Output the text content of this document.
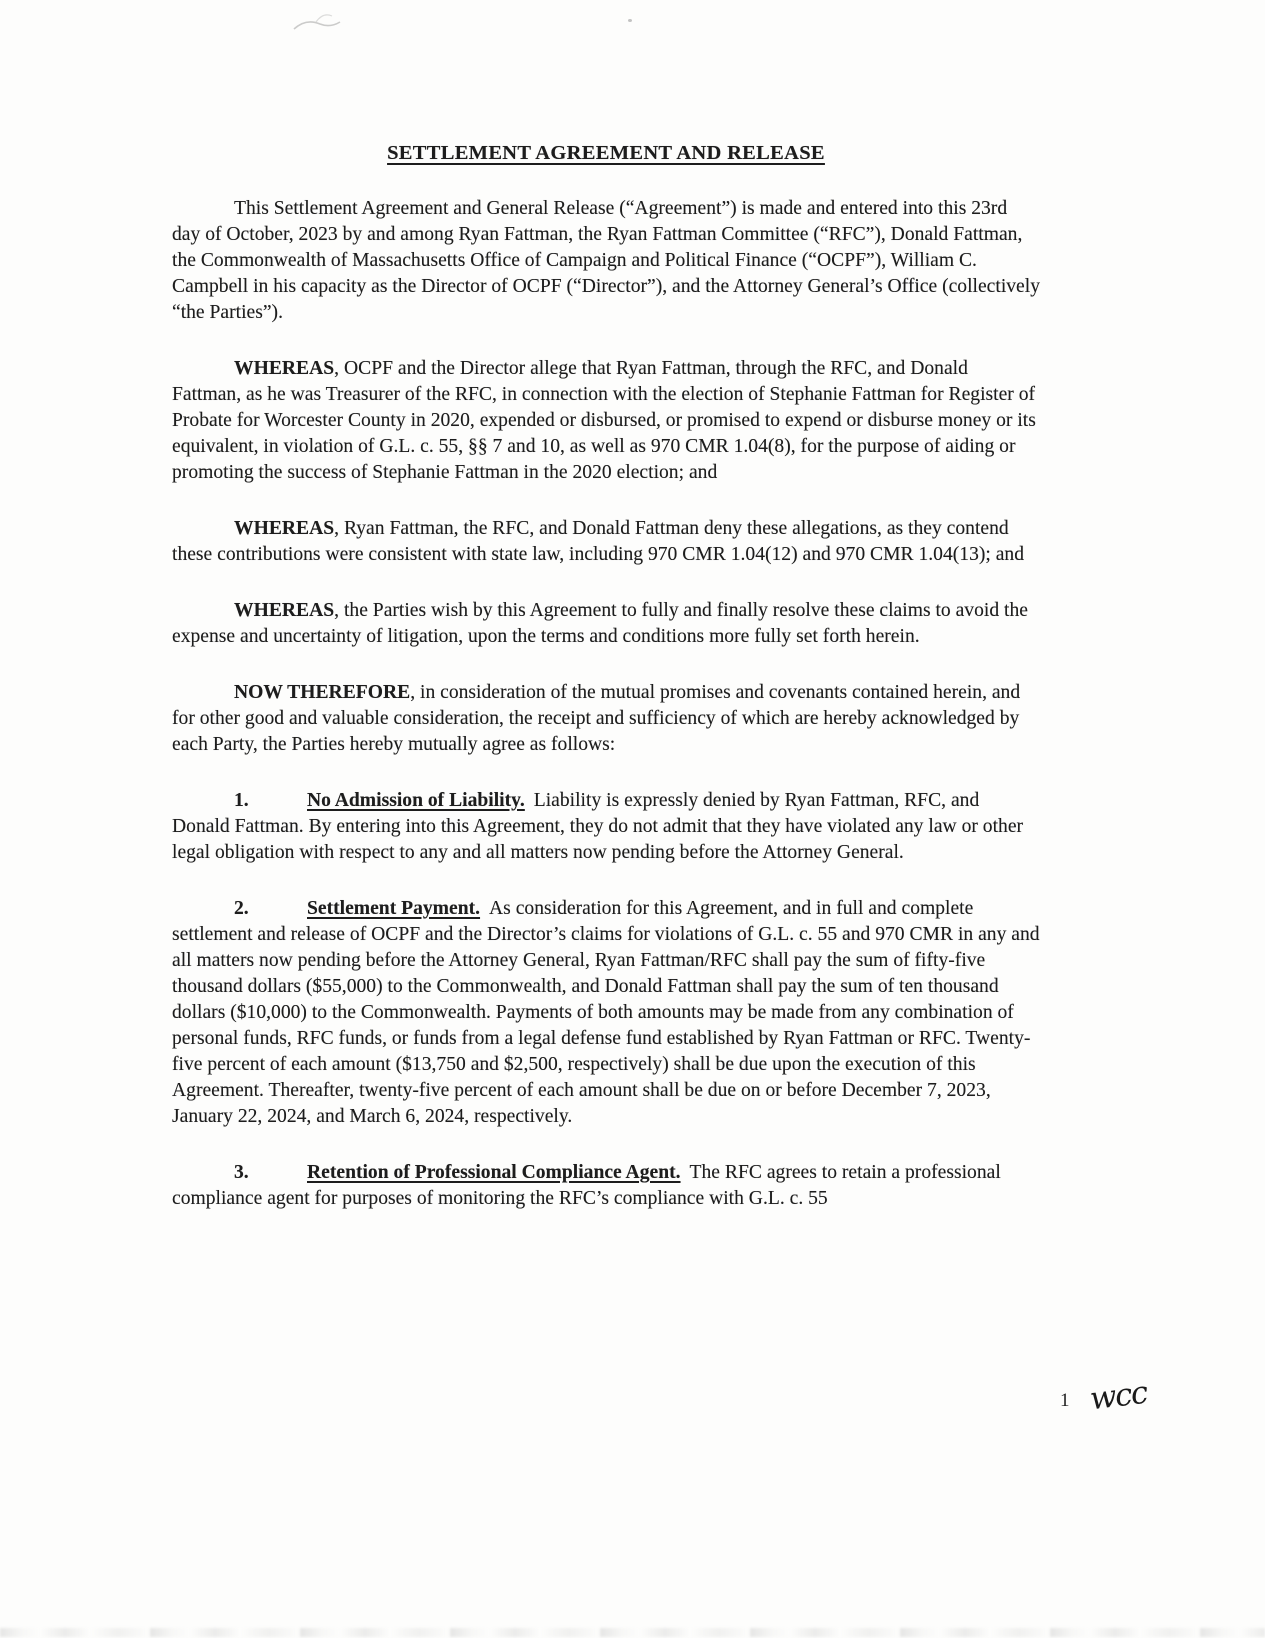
SETTLEMENT AGREEMENT AND RELEASE

This Settlement Agreement and General Release (“Agreement”) is made and entered into this 23rd day of October, 2023 by and among Ryan Fattman, the Ryan Fattman Committee (“RFC”), Donald Fattman, the Commonwealth of Massachusetts Office of Campaign and Political Finance (“OCPF”), William C. Campbell in his capacity as the Director of OCPF (“Director”), and the Attorney General’s Office (collectively “the Parties”).

WHEREAS, OCPF and the Director allege that Ryan Fattman, through the RFC, and Donald Fattman, as he was Treasurer of the RFC, in connection with the election of Stephanie Fattman for Register of Probate for Worcester County in 2020, expended or disbursed, or promised to expend or disburse money or its equivalent, in violation of G.L. c. 55, §§ 7 and 10, as well as 970 CMR 1.04(8), for the purpose of aiding or promoting the success of Stephanie Fattman in the 2020 election; and

WHEREAS, Ryan Fattman, the RFC, and Donald Fattman deny these allegations, as they contend these contributions were consistent with state law, including 970 CMR 1.04(12) and 970 CMR 1.04(13); and

WHEREAS, the Parties wish by this Agreement to fully and finally resolve these claims to avoid the expense and uncertainty of litigation, upon the terms and conditions more fully set forth herein.

NOW THEREFORE, in consideration of the mutual promises and covenants contained herein, and for other good and valuable consideration, the receipt and sufficiency of which are hereby acknowledged by each Party, the Parties hereby mutually agree as follows:

1.	No Admission of Liability. Liability is expressly denied by Ryan Fattman, RFC, and Donald Fattman. By entering into this Agreement, they do not admit that they have violated any law or other legal obligation with respect to any and all matters now pending before the Attorney General.

2.	Settlement Payment. As consideration for this Agreement, and in full and complete settlement and release of OCPF and the Director’s claims for violations of G.L. c. 55 and 970 CMR in any and all matters now pending before the Attorney General, Ryan Fattman/RFC shall pay the sum of fifty-five thousand dollars ($55,000) to the Commonwealth, and Donald Fattman shall pay the sum of ten thousand dollars ($10,000) to the Commonwealth. Payments of both amounts may be made from any combination of personal funds, RFC funds, or funds from a legal defense fund established by Ryan Fattman or RFC. Twenty-five percent of each amount ($13,750 and $2,500, respectively) shall be due upon the execution of this Agreement. Thereafter, twenty-five percent of each amount shall be due on or before December 7, 2023, January 22, 2024, and March 6, 2024, respectively.

3.	Retention of Professional Compliance Agent. The RFC agrees to retain a professional compliance agent for purposes of monitoring the RFC’s compliance with G.L. c. 55

1 wcc
